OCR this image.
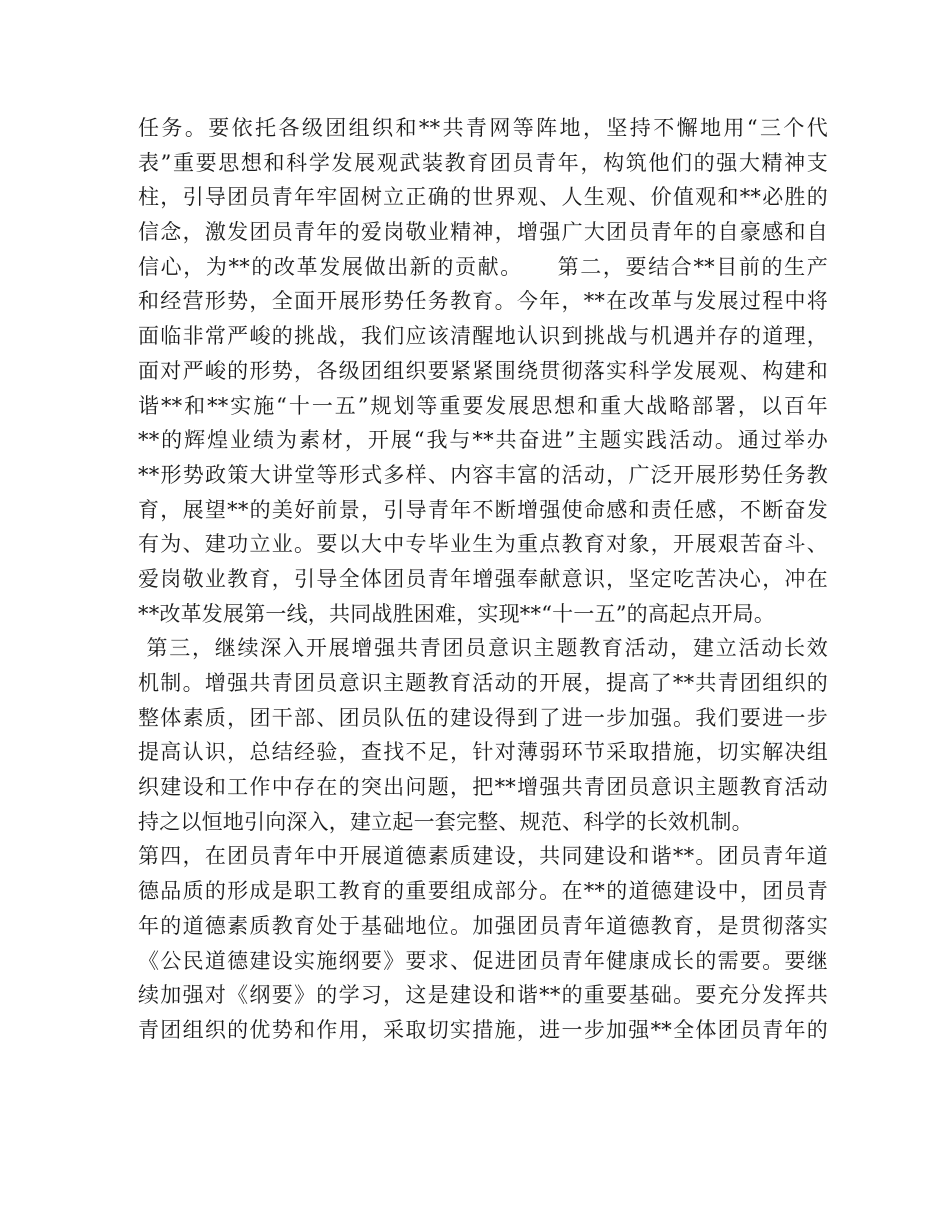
任务。要依托各级团组织和**共青网等阵地，坚持不懈地用“三个代
表”重要思想和科学发展观武装教育团员青年，构筑他们的强大精神支
柱，引导团员青年牢固树立正确的世界观、人生观、价值观和**必胜的
信念，激发团员青年的爱岗敬业精神，增强广大团员青年的自豪感和自
信心，为**的改革发展做出新的贡献。　　第二，要结合**目前的生产
和经营形势，全面开展形势任务教育。今年，**在改革与发展过程中将
面临非常严峻的挑战，我们应该清醒地认识到挑战与机遇并存的道理，
面对严峻的形势，各级团组织要紧紧围绕贯彻落实科学发展观、构建和
谐**和**实施“十一五”规划等重要发展思想和重大战略部署，以百年
**的辉煌业绩为素材，开展“我与**共奋进”主题实践活动。通过举办
**形势政策大讲堂等形式多样、内容丰富的活动，广泛开展形势任务教
育，展望**的美好前景，引导青年不断增强使命感和责任感，不断奋发
有为、建功立业。要以大中专毕业生为重点教育对象，开展艰苦奋斗、
爱岗敬业教育，引导全体团员青年增强奉献意识，坚定吃苦决心，冲在
**改革发展第一线，共同战胜困难，实现**“十一五”的高起点开局。
第三，继续深入开展增强共青团员意识主题教育活动，建立活动长效
机制。增强共青团员意识主题教育活动的开展，提高了**共青团组织的
整体素质，团干部、团员队伍的建设得到了进一步加强。我们要进一步
提高认识，总结经验，查找不足，针对薄弱环节采取措施，切实解决组
织建设和工作中存在的突出问题，把**增强共青团员意识主题教育活动
持之以恒地引向深入，建立起一套完整、规范、科学的长效机制。
第四，在团员青年中开展道德素质建设，共同建设和谐**。团员青年道
德品质的形成是职工教育的重要组成部分。在**的道德建设中，团员青
年的道德素质教育处于基础地位。加强团员青年道德教育，是贯彻落实
《公民道德建设实施纲要》要求、促进团员青年健康成长的需要。要继
续加强对《纲要》的学习，这是建设和谐**的重要基础。要充分发挥共
青团组织的优势和作用，采取切实措施，进一步加强**全体团员青年的
